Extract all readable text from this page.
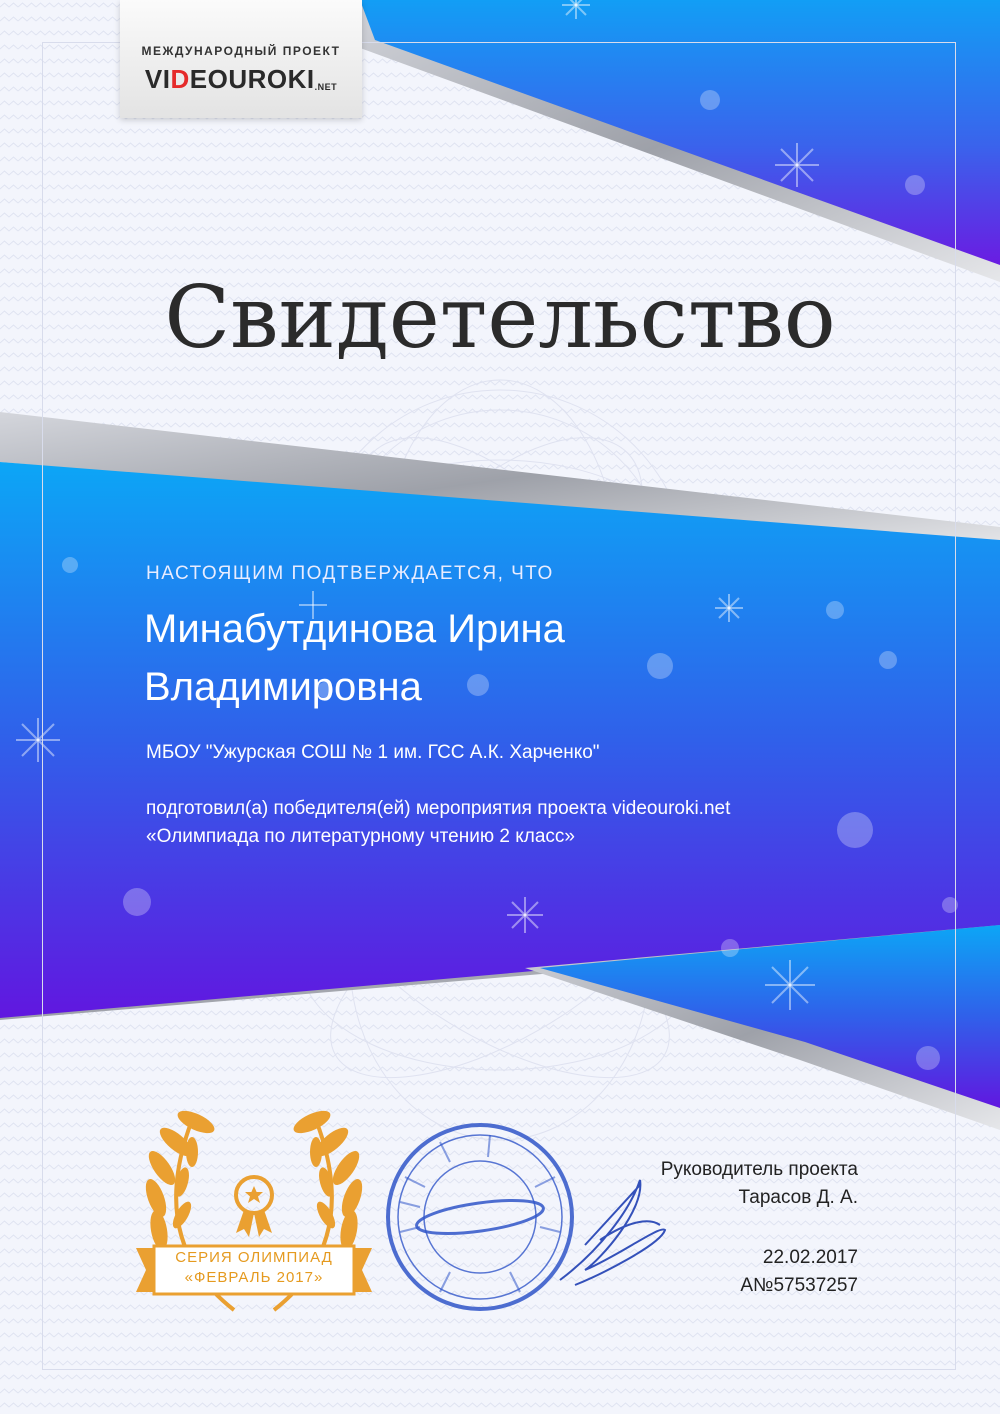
МЕЖДУНАРОДНЫЙ ПРОЕКТ
VIDEOUROKI.NET
Свидетельство
НАСТОЯЩИМ ПОДТВЕРЖДАЕТСЯ, ЧТО
Минабутдинова Ирина Владимировна
МБОУ "Ужурская СОШ № 1 им. ГСС А.К. Харченко"
подготовил(а) победителя(ей) мероприятия проекта videouroki.net
«Олимпиада по литературному чтению 2 класс»
СЕРИЯ ОЛИМПИАД
«ФЕВРАЛЬ 2017»
Руководитель проекта
Тарасов Д. А.
22.02.2017
А№57537257
